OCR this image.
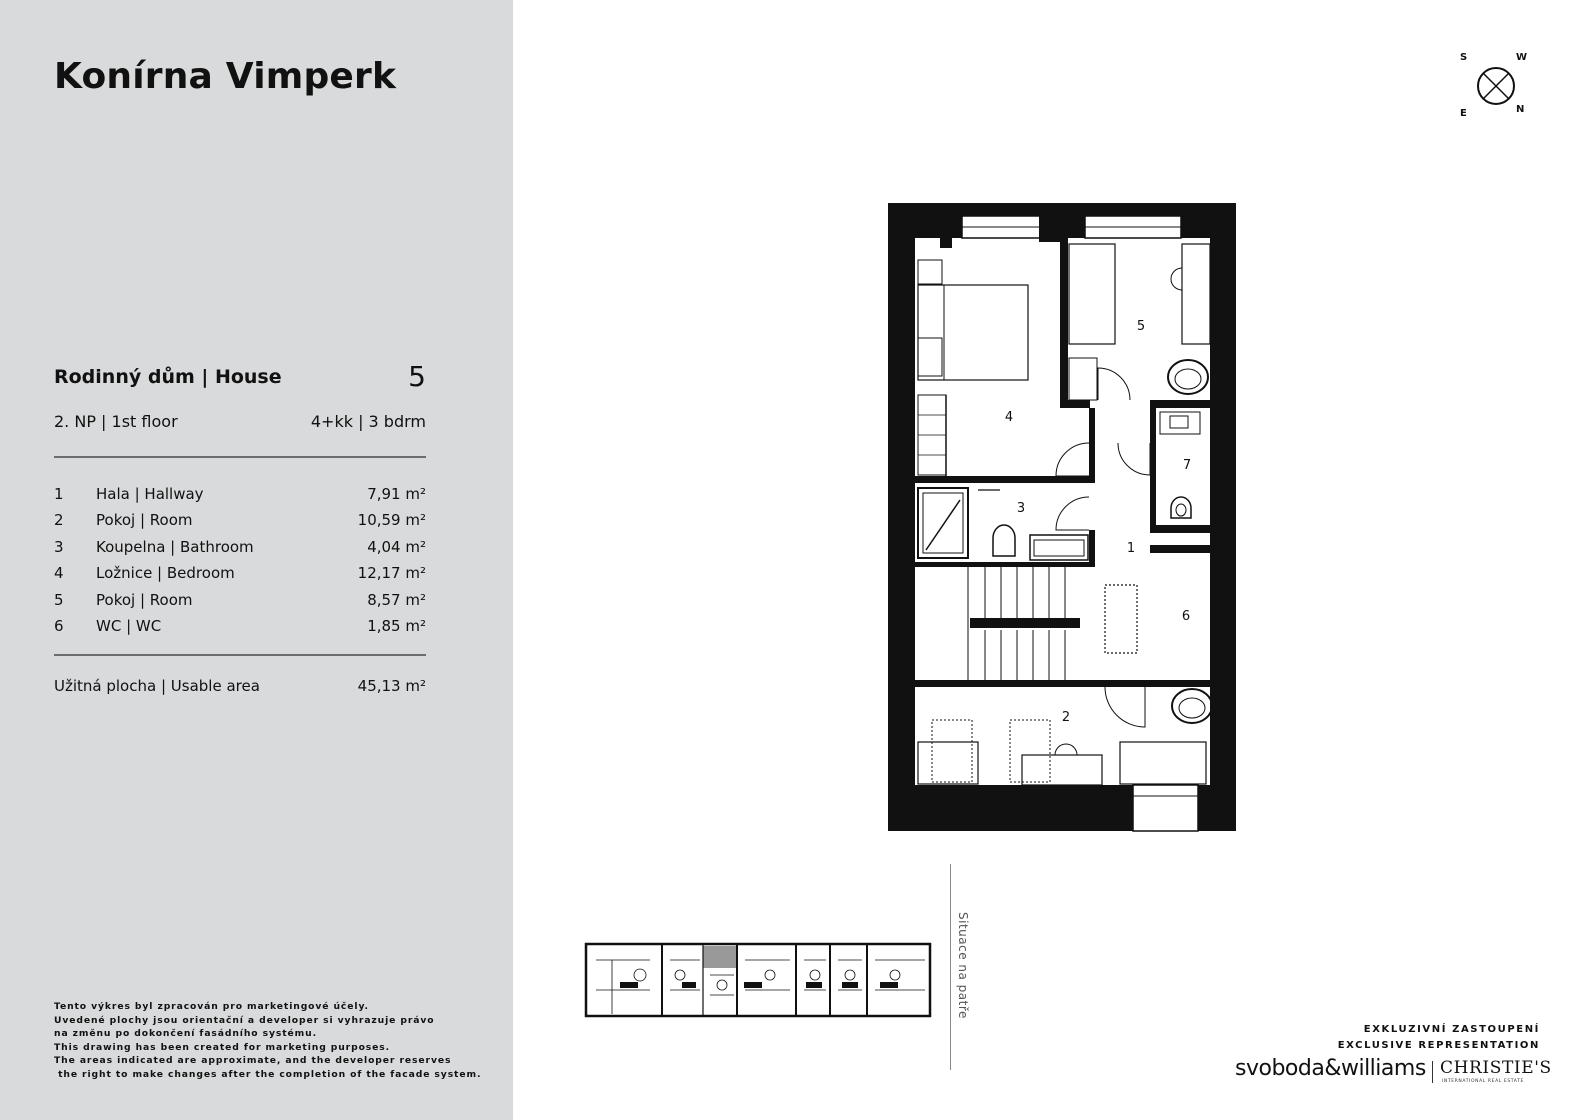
Konírna Vimperk
Rodinný dům | House	5
2. NP | 1st floor	4+kk | 3 bdrm
1 Hala | Hallway	7,91 m²
2 Pokoj | Room	10,59 m²
3 Koupelna | Bathroom	4,04 m²
4 Ložnice | Bedroom	12,17 m²
5 Pokoj | Room	8,57 m²
6 WC | WC	1,85 m²
Užitná plocha | Usable area	45,13 m²
Tento výkres byl zpracován pro marketingové účely.
Uvedené plochy jsou orientační a developer si vyhrazuje právo
na změnu po dokončení fasádního systému.
This drawing has been created for marketing purposes.
The areas indicated are approximate, and the developer reserves
the right to make changes after the completion of the facade system.
S	W
E	N
1
2
3
4
5
6
7
Situace na patře
EXKLUZIVNÍ ZASTOUPENÍ
EXCLUSIVE REPRESENTATION
svoboda&williams CHRISTIE'S
INTERNATIONAL REAL ESTATE
